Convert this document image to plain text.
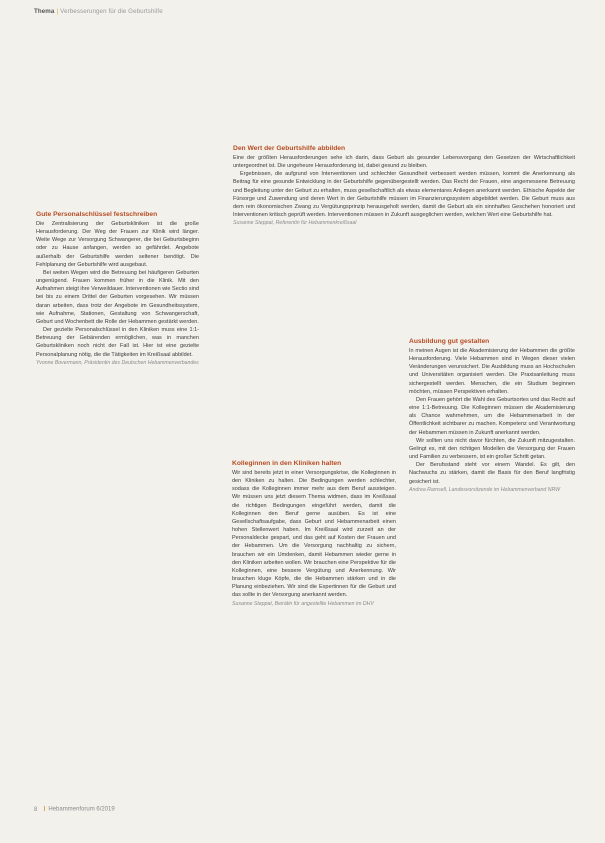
Thema | Verbesserungen für die Geburtshilfe
Den Wert der Geburtshilfe abbilden

Eine der größten Herausforderungen sehe ich darin, dass Geburt als gesunder Lebensvorgang den Gesetzen der Wirtschaftlichkeit untergeordnet ist. Die ungeheure Herausforderung ist, dabei gesund zu bleiben.

Ergebnissen, die aufgrund von Interventionen und schlechter Gesundheit verbessert werden müssen, kommt die Anerkennung als Beitrag für eine gesunde Entwicklung in der Geburtshilfe gegenübergestellt werden. Das Recht der Frauen, eine angemessene Betreuung und Begleitung unter der Geburt zu erhalten, muss gesellschaftlich als etwas elementares Anliegen anerkannt werden. Ethische Aspekte der Fürsorge und Zuwendung und deren Wert in der Geburtshilfe müssen im Finanzierungssystem abgebildet werden. Die Geburt muss aus dem rein ökonomischen Zwang zu Vergütungsprinzip herausgeholt werden, damit die Geburt als ein sinnhaftes Geschehen honoriert und Interventionen kritisch geprüft werden. Interventionen müssen in Zukunft ausgeglichen werden, welchen Wert eine Geburtshilfe hat.

Susanne Steppat, Referentin für Hebammenkreißsaal
Gute Personalschlüssel festschreiben

Die Zentralisierung der Geburtskliniken ist die große Herausforderung. Der Weg der Frauen zur Klinik wird länger. Weite Wege zur Versorgung Schwangerer, die bei Geburtsbeginn oder zu Hause anfangen, werden so gefährdet. Angebote außerhalb der Geburtshilfe werden seltener benötigt. Die Fehlplanung der Geburtshilfe wird ausgebaut.

Bei weiten Wegen wird die Betreuung bei häufigeren Geburten ungenügend. Frauen kommen früher in die Klinik. Mit den Aufnahmen steigt ihre Verweildauer. Interventionen wie Sectio sind bei bis zu einem Drittel der Geburten vorgesehen. Wir müssen daran arbeiten, dass trotz der Angebote im Gesundheitssystem, wie Aufnahme, Stationen, Gestaltung von Schwangerschaft, Geburt und Wochenbett die Rolle der Hebammen gestärkt werden.

Der gezielte Personalschlüssel in den Kliniken muss eine 1:1-Betreuung der Gebärenden ermöglichen, was in manchen Geburtskliniken noch nicht der Fall ist. Hier ist eine gezielte Personalplanung nötig, die die Tätigkeiten im Kreißsaal abbildet.

Yvonne Bovermann, Präsidentin des Deutschen Hebammenverbandes
Kolleginnen in den Kliniken halten

Wir sind bereits jetzt in einer Versorgungskrise, die Kolleginnen in den Kliniken zu halten. Die Bedingungen werden schlechter, sodass die Kolleginnen immer mehr aus dem Beruf aussteigen. Wir müssen uns jetzt diesem Thema widmen, dass im Kreißsaal die richtigen Bedingungen eingeführt werden, damit die Kolleginnen den Beruf gerne ausüben. Es ist eine Gesellschaftsaufgabe, dass Geburt und Hebammenarbeit einen hohen Stellenwert haben. Im Kreißsaal wird zurzeit an der Personaldecke gespart, und das geht auf Kosten der Frauen und der Hebammen. Um die Versorgung nachhaltig zu sichern, brauchen wir ein Umdenken, damit Hebammen wieder gerne in den Kliniken arbeiten wollen. Wir brauchen eine Perspektive für die Kolleginnen, eine bessere Vergütung und Anerkennung. Wir brauchen kluge Köpfe, die die Hebammen stärken und in die Planung einbeziehen. Wir sind die Expertinnen für die Geburt und das sollte in der Versorgung anerkannt werden.

Susanne Steppat, Beirätin für angestellte Hebammen im DHV
Ausbildung gut gestalten

In meinen Augen ist die Akademisierung der Hebammen die größte Herausforderung. Viele Hebammen sind in Wegen dieser vielen Veränderungen verunsichert. Die Ausbildung muss an Hochschulen und Universitäten organisiert werden. Die Praxisanleitung muss sichergestellt werden. Menschen, die ein Studium beginnen möchten, müssen Perspektiven erhalten.

Den Frauen gehört die Wahl des Geburtsortes und das Recht auf eine 1:1-Betreuung. Die Kolleginnen müssen die Akademisierung als Chance wahrnehmen, um die Hebammenarbeit in der Öffentlichkeit sichtbarer zu machen. Kompetenz und Verantwortung der Hebammen müssen in Zukunft anerkannt werden.

Wir sollten uns nicht davor fürchten, die Zukunft mitzugestalten. Gelingt es, mit den richtigen Modellen die Versorgung der Frauen und Familien zu verbessern, ist ein großer Schritt getan.

Der Berufsstand steht vor einem Wandel. Es gilt, den Nachwuchs zu stärken, damit die Basis für den Beruf langfristig gesichert ist.

Andrea Ramsell, Landesvorsitzende im Hebammenverband NRW
8 Hebammenforum 6/2019
